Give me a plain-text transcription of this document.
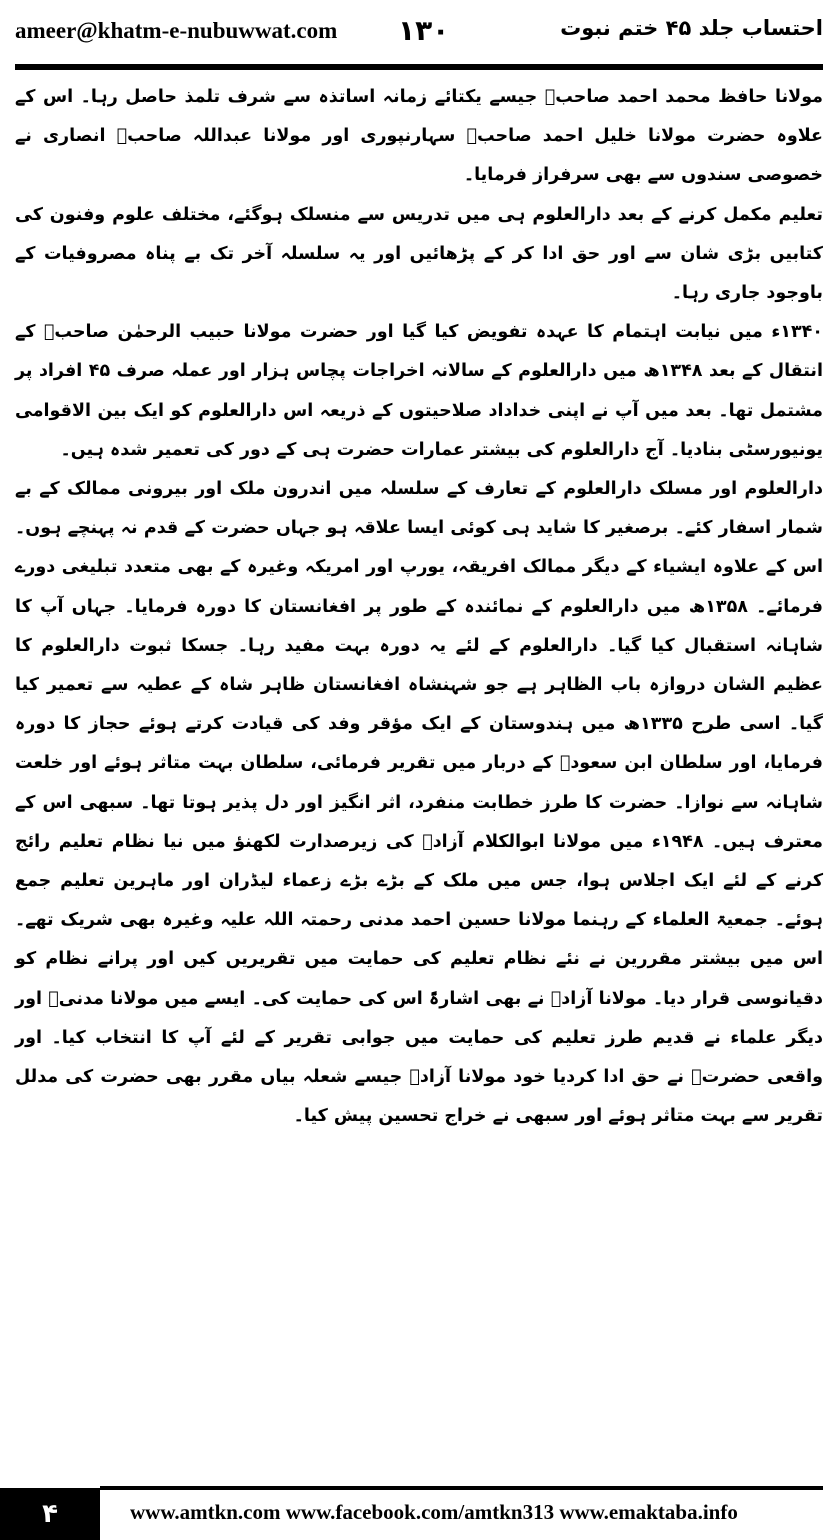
ameer@khatm-e-nubuwwat.com ۱۳۰	احتساب جلد ۴۵ ختم نبوت

مولانا حافظ محمد احمد صاحبؒ جیسے یکتائے زمانہ اساتذہ سے شرف تلمذ حاصل رہا۔ اس کے علاوہ حضرت مولانا خلیل احمد صاحبؒ سہارنپوری اور مولانا عبداللہ صاحبؒ انصاری نے خصوصی سندوں سے بھی سرفراز فرمایا۔

تعلیم مکمل کرنے کے بعد دارالعلوم ہی میں تدریس سے منسلک ہوگئے، مختلف علوم وفنون کی کتابیں بڑی شان سے اور حق ادا کر کے پڑھائیں اور یہ سلسلہ آخر تک بے پناہ مصروفیات کے باوجود جاری رہا۔

۱۳۴۰ء میں نیابت اہتمام کا عہدہ تفویض کیا گیا اور حضرت مولانا حبیب الرحمٰن صاحبؒ کے انتقال کے بعد ۱۳۴۸ھ میں دارالعلوم کے سالانہ اخراجات پچاس ہزار اور عملہ صرف ۴۵ افراد پر مشتمل تھا۔ بعد میں آپ نے اپنی خداداد صلاحیتوں کے ذریعہ اس دارالعلوم کو ایک بین الاقوامی یونیورسٹی بنادیا۔ آج دارالعلوم کی بیشتر عمارات حضرت ہی کے دور کی تعمیر شدہ ہیں۔

دارالعلوم اور مسلک دارالعلوم کے تعارف کے سلسلہ میں اندرون ملک اور بیرونی ممالک کے بے شمار اسفار کئے۔ برصغیر کا شاید ہی کوئی ایسا علاقہ ہو جہاں حضرت کے قدم نہ پہنچے ہوں۔ اس کے علاوہ ایشیاء کے دیگر ممالک افریقہ، یورپ اور امریکہ وغیرہ کے بھی متعدد تبلیغی دورے فرمائے۔ ۱۳۵۸ھ میں دارالعلوم کے نمائندہ کے طور پر افغانستان کا دورہ فرمایا۔ جہاں آپ کا شاہانہ استقبال کیا گیا۔ دارالعلوم کے لئے یہ دورہ بہت مفید رہا۔ جسکا ثبوت دارالعلوم کا عظیم الشان دروازہ باب الظاہر ہے جو شہنشاہ افغانستان ظاہر شاہ کے عطیہ سے تعمیر کیا گیا۔ اسی طرح ۱۳۳۵ھ میں ہندوستان کے ایک مؤقر وفد کی قیادت کرتے ہوئے حجاز کا دورہ فرمایا، اور سلطان ابن سعودؒ کے دربار میں تقریر فرمائی، سلطان بہت متاثر ہوئے اور خلعت شاہانہ سے نوازا۔ حضرت کا طرز خطابت منفرد، اثر انگیز اور دل پذیر ہوتا تھا۔ سبھی اس کے معترف ہیں۔ ۱۹۴۸ء میں مولانا ابوالکلام آزادؒ کی زیرصدارت لکھنؤ میں نیا نظام تعلیم رائج کرنے کے لئے ایک اجلاس ہوا، جس میں ملک کے بڑے بڑے زعماء لیڈران اور ماہرین تعلیم جمع ہوئے۔ جمعیۃ العلماء کے رہنما مولانا حسین احمد مدنی رحمتہ اللہ علیہ وغیرہ بھی شریک تھے۔ اس میں بیشتر مقررین نے نئے نظام تعلیم کی حمایت میں تقریریں کیں اور پرانے نظام کو دقیانوسی قرار دیا۔ مولانا آزادؒ نے بھی اشارۃً اس کی حمایت کی۔ ایسے میں مولانا مدنیؒ اور دیگر علماء نے قدیم طرز تعلیم کی حمایت میں جوابی تقریر کے لئے آپ کا انتخاب کیا۔ اور واقعی حضرتؒ نے حق ادا کردیا خود مولانا آزادؒ جیسے شعلہ بیاں مقرر بھی حضرت کی مدلل تقریر سے بہت متاثر ہوئے اور سبھی نے خراج تحسین پیش کیا۔

۴	www.amtkn.com www.facebook.com/amtkn313 www.emaktaba.info
